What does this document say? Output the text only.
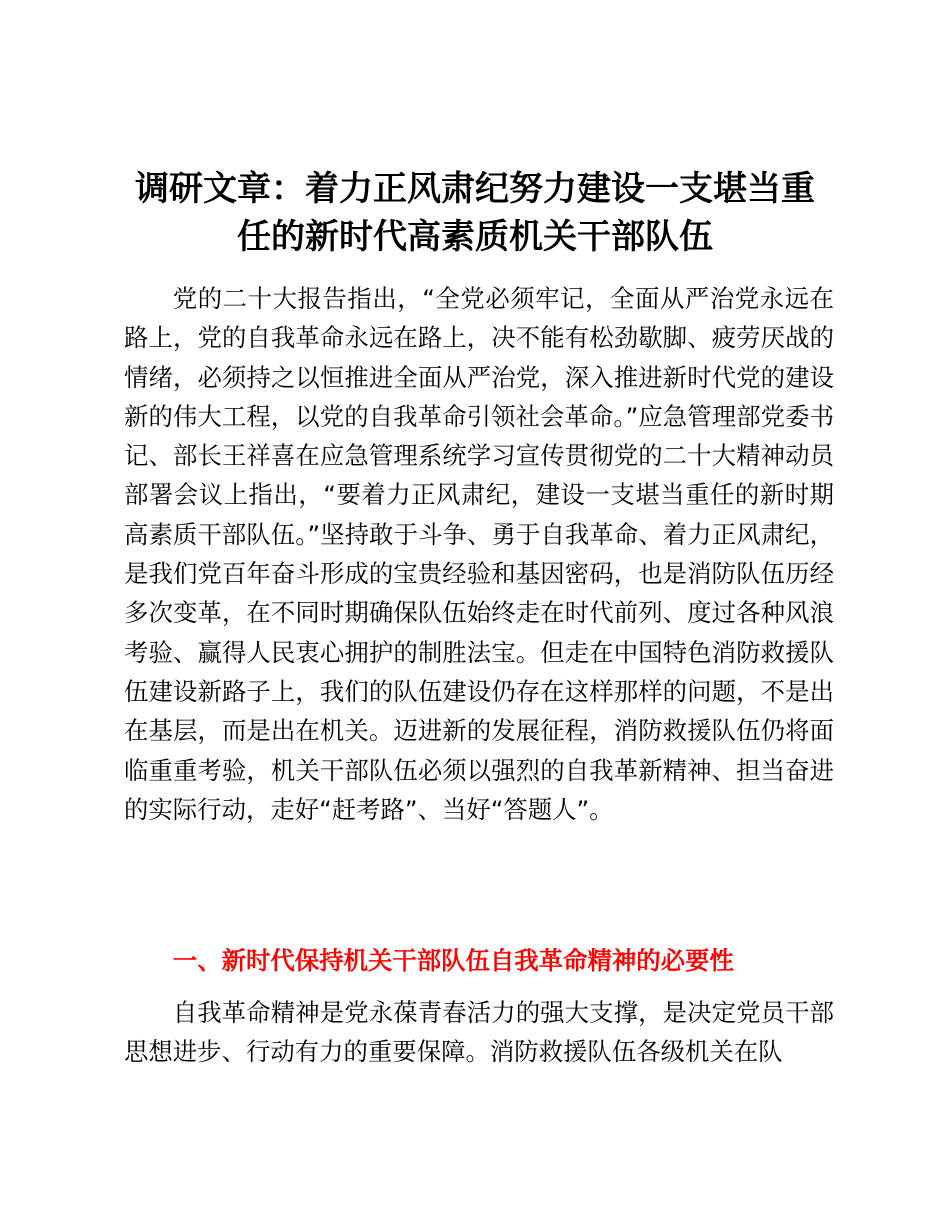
调研文章：着力正风肃纪努力建设一支堪当重任的新时代高素质机关干部队伍

党的二十大报告指出，“全党必须牢记，全面从严治党永远在路上，党的自我革命永远在路上，决不能有松劲歇脚、疲劳厌战的情绪，必须持之以恒推进全面从严治党，深入推进新时代党的建设新的伟大工程，以党的自我革命引领社会革命。”应急管理部党委书记、部长王祥喜在应急管理系统学习宣传贯彻党的二十大精神动员部署会议上指出，“要着力正风肃纪，建设一支堪当重任的新时期高素质干部队伍。”坚持敢于斗争、勇于自我革命、着力正风肃纪，是我们党百年奋斗形成的宝贵经验和基因密码，也是消防队伍历经多次变革，在不同时期确保队伍始终走在时代前列、度过各种风浪考验、赢得人民衷心拥护的制胜法宝。但走在中国特色消防救援队伍建设新路子上，我们的队伍建设仍存在这样那样的问题，不是出在基层，而是出在机关。迈进新的发展征程，消防救援队伍仍将面临重重考验，机关干部队伍必须以强烈的自我革新精神、担当奋进的实际行动，走好“赶考路”、当好“答题人”。

一、新时代保持机关干部队伍自我革命精神的必要性

自我革命精神是党永葆青春活力的强大支撑，是决定党员干部思想进步、行动有力的重要保障。消防救援队伍各级机关在队
